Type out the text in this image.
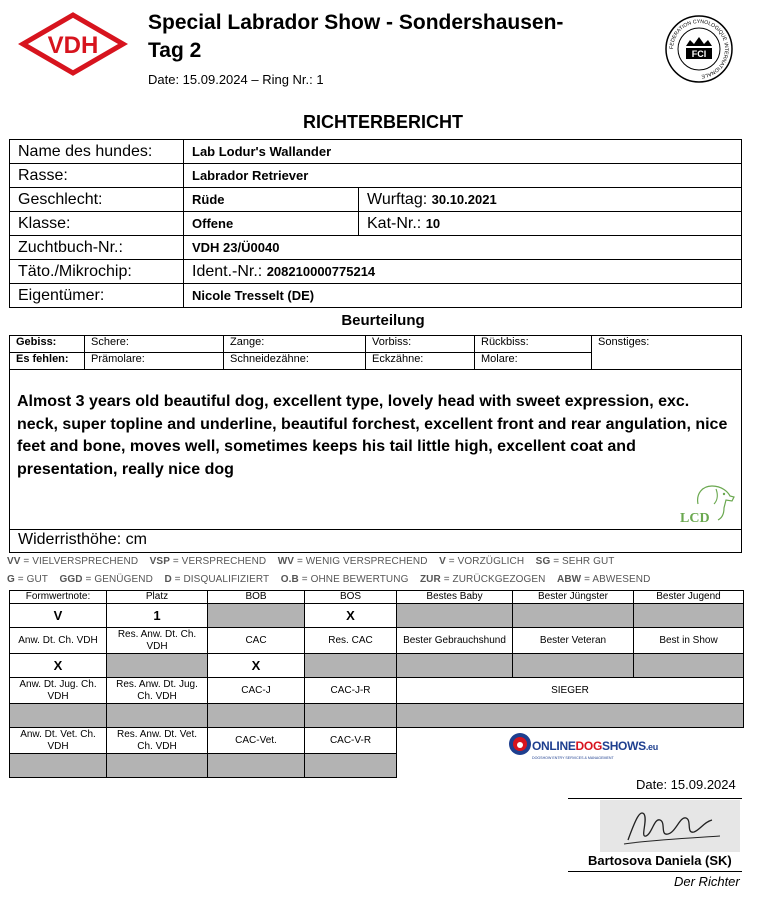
VDH
Special Labrador Show - Sondershausen-
Tag 2
Date: 15.09.2024 – Ring Nr.: 1
FEDERATION CYNOLOGIQUE INTERNATIONALE
FCI
RICHTERBERICHT
Name des hundes:	Lab Lodur's Wallander	
Rasse:	Labrador Retriever	
Geschlecht:	Rüde	Wurftag: 30.10.2021
Klasse:	Offene	Kat-Nr.: 10
Zuchtbuch-Nr.:	VDH 23/Ü0040	
Täto./Mikrochip:	Ident.-Nr.: 208210000775214	
Eigentümer:	Nicole Tresselt (DE)	
Beurteilung
Gebiss:	Schere:	Zange:	Vorbiss:	Rückbiss:	Sonstiges:
Es fehlen:	Prämolare:	Schneidezähne:	Eckzähne:	Molare:	
Almost 3 years old beautiful dog, excellent type, lovely head with sweet expression, exc. neck, super topline and underline, beautiful forchest, excellent front and rear angulation, nice feet and bone, moves well, sometimes keeps his tail little high, excellent coat and presentation, really nice dog
LCD
Widerristhöhe: cm
VV = VIELVERSPRECHEND VSP = VERSPRECHEND WV = WENIG VERSPRECHEND V = VORZÜGLICH SG = SEHR GUT
G = GUT GGD = GENÜGEND D = DISQUALIFIZIERT O.B = OHNE BEWERTUNG ZUR = ZURÜCKGEZOGEN ABW = ABWESEND
Formwertnote:	Platz	BOB	BOS	Bestes Baby	Bester Jüngster	Bester Jugend
V	1		X			
Anw. Dt. Ch. VDH	Res. Anw. Dt. Ch. VDH	CAC	Res. CAC	Bester Gebrauchshund	Bester Veteran	Best in Show
X		X				
Anw. Dt. Jug. Ch. VDH	Res. Anw. Dt. Jug. Ch. VDH	CAC-J	CAC-J-R	SIEGER		

Anw. Dt. Vet. Ch. VDH	Res. Anw. Dt. Vet. Ch. VDH	CAC-Vet.	CAC-V-R			
				ONLINEDOGSHOWS.eu
DOGSHOW ENTRY SERVICES & MANAGEMENT
Date: 15.09.2024
Bartosova Daniela (SK)
Der Richter
